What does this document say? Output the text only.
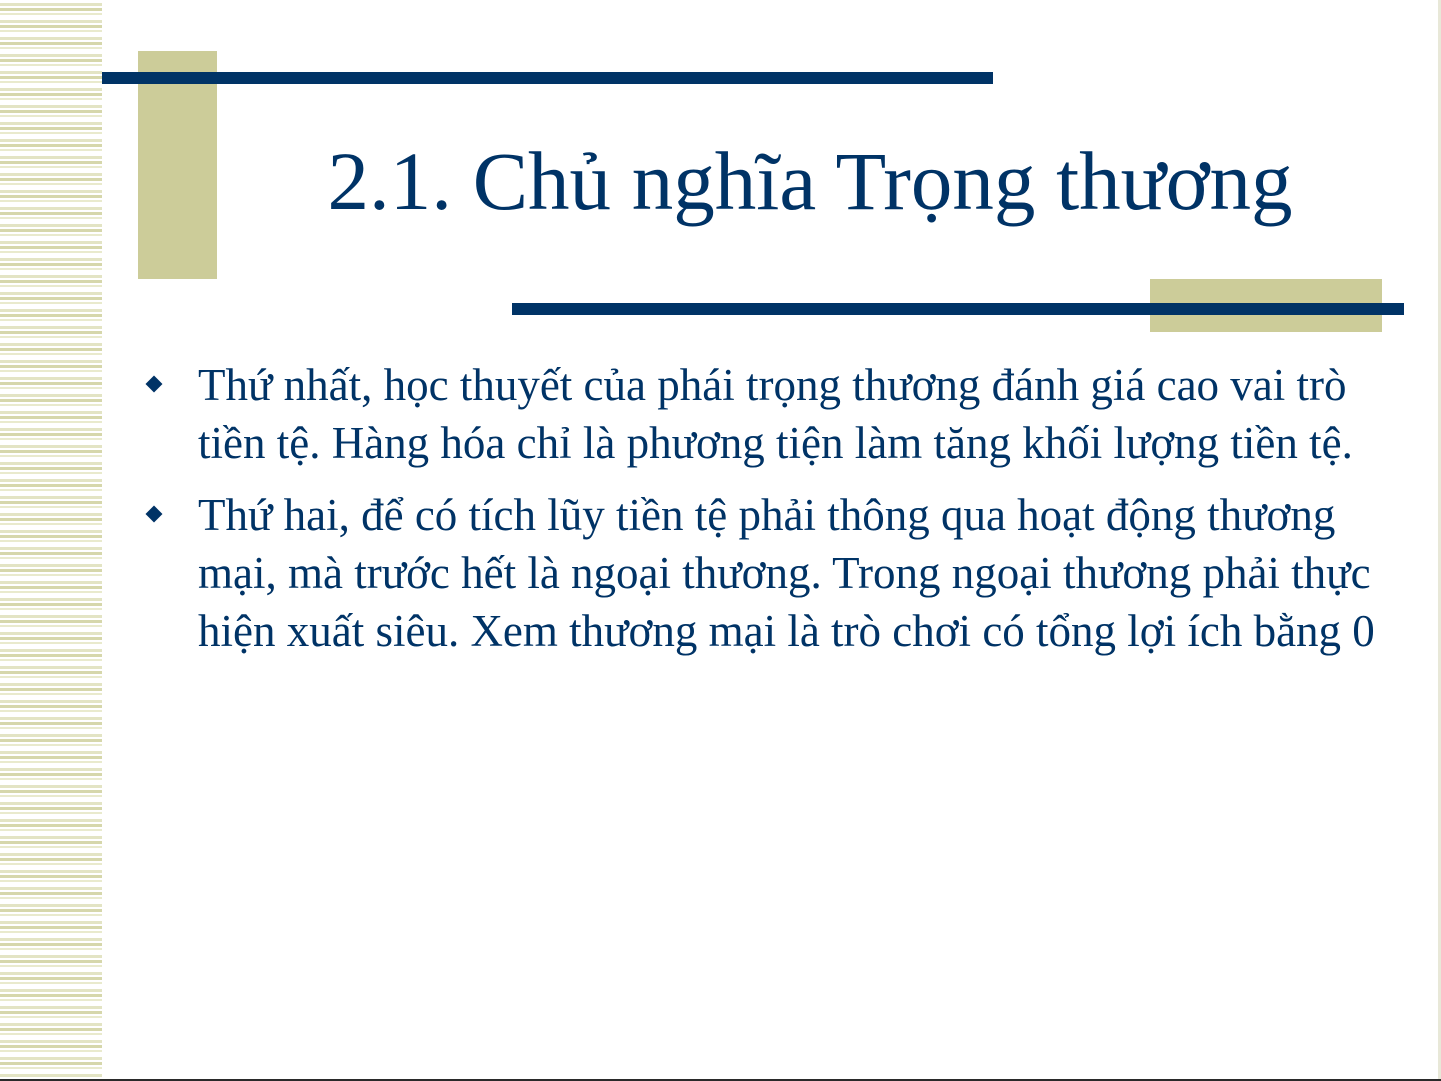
2.1. Chủ nghĩa Trọng thương
Thứ nhất, học thuyết của phái trọng thương đánh giá cao vai trò tiền tệ. Hàng hóa chỉ là phương tiện làm tăng khối lượng tiền tệ.
Thứ hai, để có tích lũy tiền tệ phải thông qua hoạt động thương mại, mà trước hết là ngoại thương. Trong ngoại thương phải thực hiện xuất siêu. Xem thương mại là trò chơi có tổng lợi ích bằng 0
